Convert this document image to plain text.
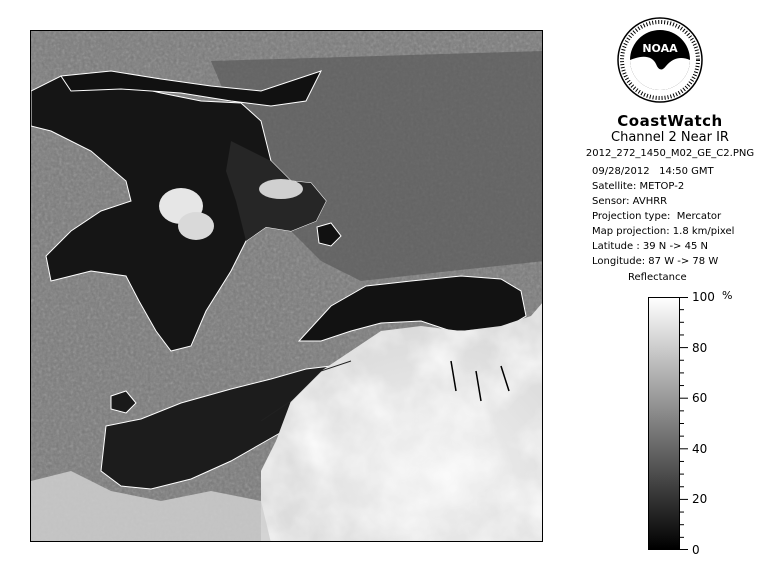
NOAA
CoastWatch
Channel 2 Near IR
2012_272_1450_M02_GE_C2.PNG
09/28/2012   14:50 GMT
Satellite: METOP-2
Sensor: AVHRR
Projection type:  Mercator
Map projection: 1.8 km/pixel
Latitude : 39 N -> 45 N
Longitude: 87 W -> 78 W
Reflectance
%
100
80
60
40
20
0
